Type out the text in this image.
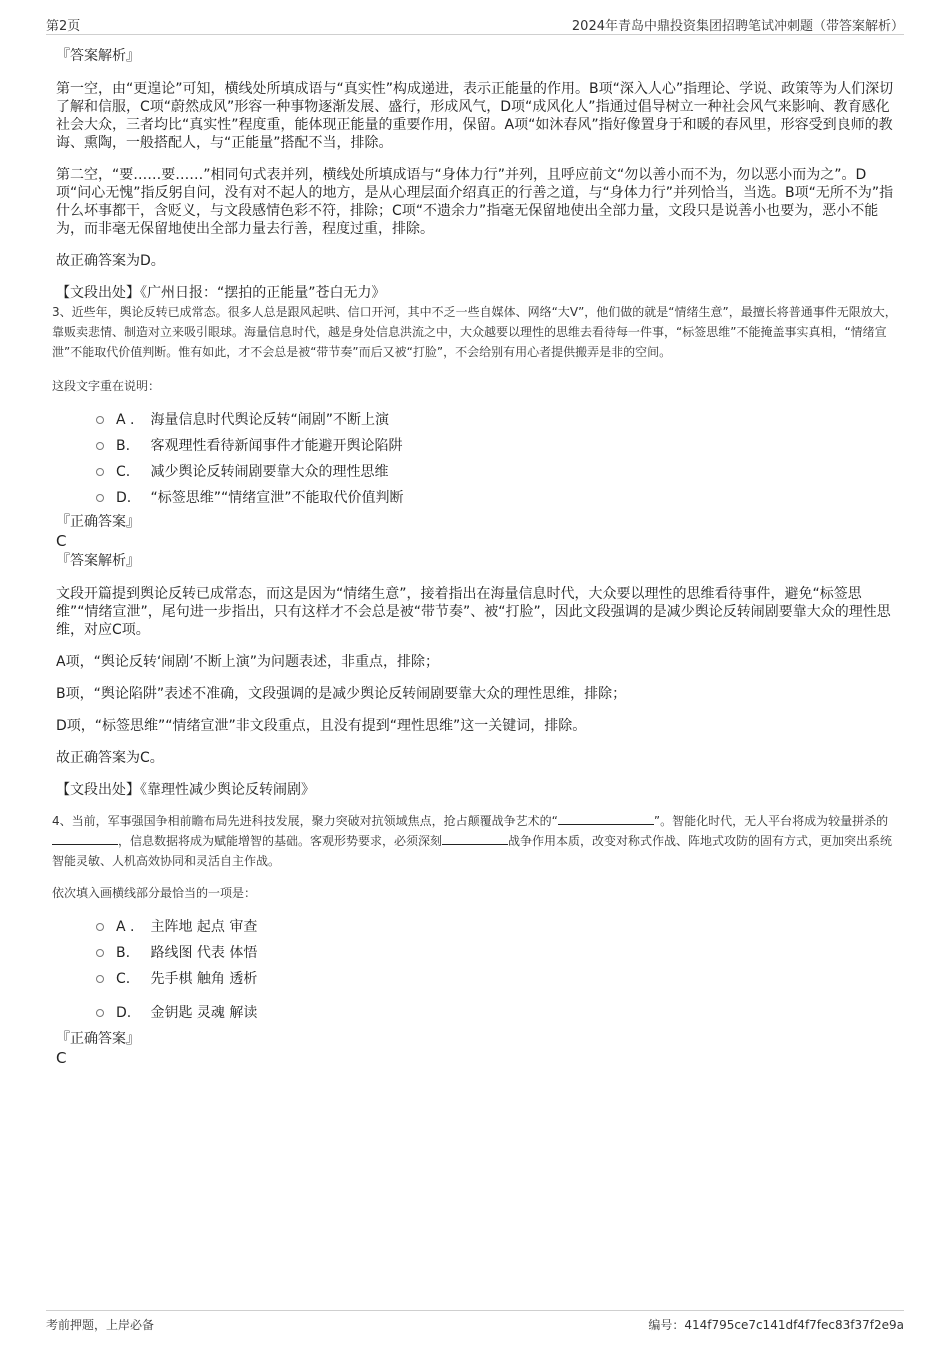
第2页	2024年青岛中鼎投资集团招聘笔试冲刺题（带答案解析）

『答案解析』

第一空，由“更遑论”可知，横线处所填成语与“真实性”构成递进，表示正能量的作用。B项“深入人心”指理论、学说、政策等为人们深切了解和信服，C项“蔚然成风”形容一种事物逐渐发展、盛行，形成风气，D项“成风化人”指通过倡导树立一种社会风气来影响、教育感化社会大众，三者均比“真实性”程度重，能体现正能量的重要作用，保留。A项“如沐春风”指好像置身于和暖的春风里，形容受到良师的教诲、熏陶，一般搭配人，与“正能量”搭配不当，排除。

第二空，“要……要……”相同句式表并列，横线处所填成语与“身体力行”并列，且呼应前文“勿以善小而不为，勿以恶小而为之”。D项“问心无愧”指反躬自问，没有对不起人的地方，是从心理层面介绍真正的行善之道，与“身体力行”并列恰当，当选。B项“无所不为”指什么坏事都干，含贬义，与文段感情色彩不符，排除；C项“不遗余力”指毫无保留地使出全部力量，文段只是说善小也要为，恶小不能为，而非毫无保留地使出全部力量去行善，程度过重，排除。

故正确答案为D。

【文段出处】《广州日报：“摆拍的正能量”苍白无力》

3、近些年，舆论反转已成常态。很多人总是跟风起哄、信口开河，其中不乏一些自媒体、网络“大V”，他们做的就是“情绪生意”，最擅长将普通事件无限放大，靠贩卖悲情、制造对立来吸引眼球。海量信息时代，越是身处信息洪流之中，大众越要以理性的思维去看待每一件事，“标签思维”不能掩盖事实真相，“情绪宣泄”不能取代价值判断。惟有如此，才不会总是被“带节奏”而后又被“打脸”，不会给别有用心者提供搬弄是非的空间。

这段文字重在说明：

A . 海量信息时代舆论反转“闹剧”不断上演

B. 客观理性看待新闻事件才能避开舆论陷阱

C. 减少舆论反转闹剧要靠大众的理性思维

D. “标签思维”“情绪宣泄”不能取代价值判断

『正确答案』

C

『答案解析』

文段开篇提到舆论反转已成常态，而这是因为“情绪生意”，接着指出在海量信息时代，大众要以理性的思维看待事件，避免“标签思维”“情绪宣泄”，尾句进一步指出，只有这样才不会总是被“带节奏”、被“打脸”，因此文段强调的是减少舆论反转闹剧要靠大众的理性思维，对应C项。

A项，“舆论反转‘闹剧’不断上演”为问题表述，非重点，排除；

B项，“舆论陷阱”表述不准确，文段强调的是减少舆论反转闹剧要靠大众的理性思维，排除；

D项，“标签思维”“情绪宣泄”非文段重点，且没有提到“理性思维”这一关键词，排除。

故正确答案为C。

【文段出处】《靠理性减少舆论反转闹剧》

4、当前，军事强国争相前瞻布局先进科技发展，聚力突破对抗领域焦点，抢占颠覆战争艺术的“	”。智能化时代，无人平台将成为较量拼杀的，信息数据将成为赋能增智的基础。客观形势要求，必须深刻	战争作用本质，改变对称式作战、阵地式攻防的固有方式，更加突出系统智能灵敏、人机高效协同和灵活自主作战。

依次填入画横线部分最恰当的一项是：

A . 主阵地 起点 审查

B. 路线图 代表 体悟

C. 先手棋 触角 透析

D. 金钥匙 灵魂 解读

『正确答案』

C

考前押题，上岸必备	编号：414f795ce7c141df4f7fec83f37f2e9a
